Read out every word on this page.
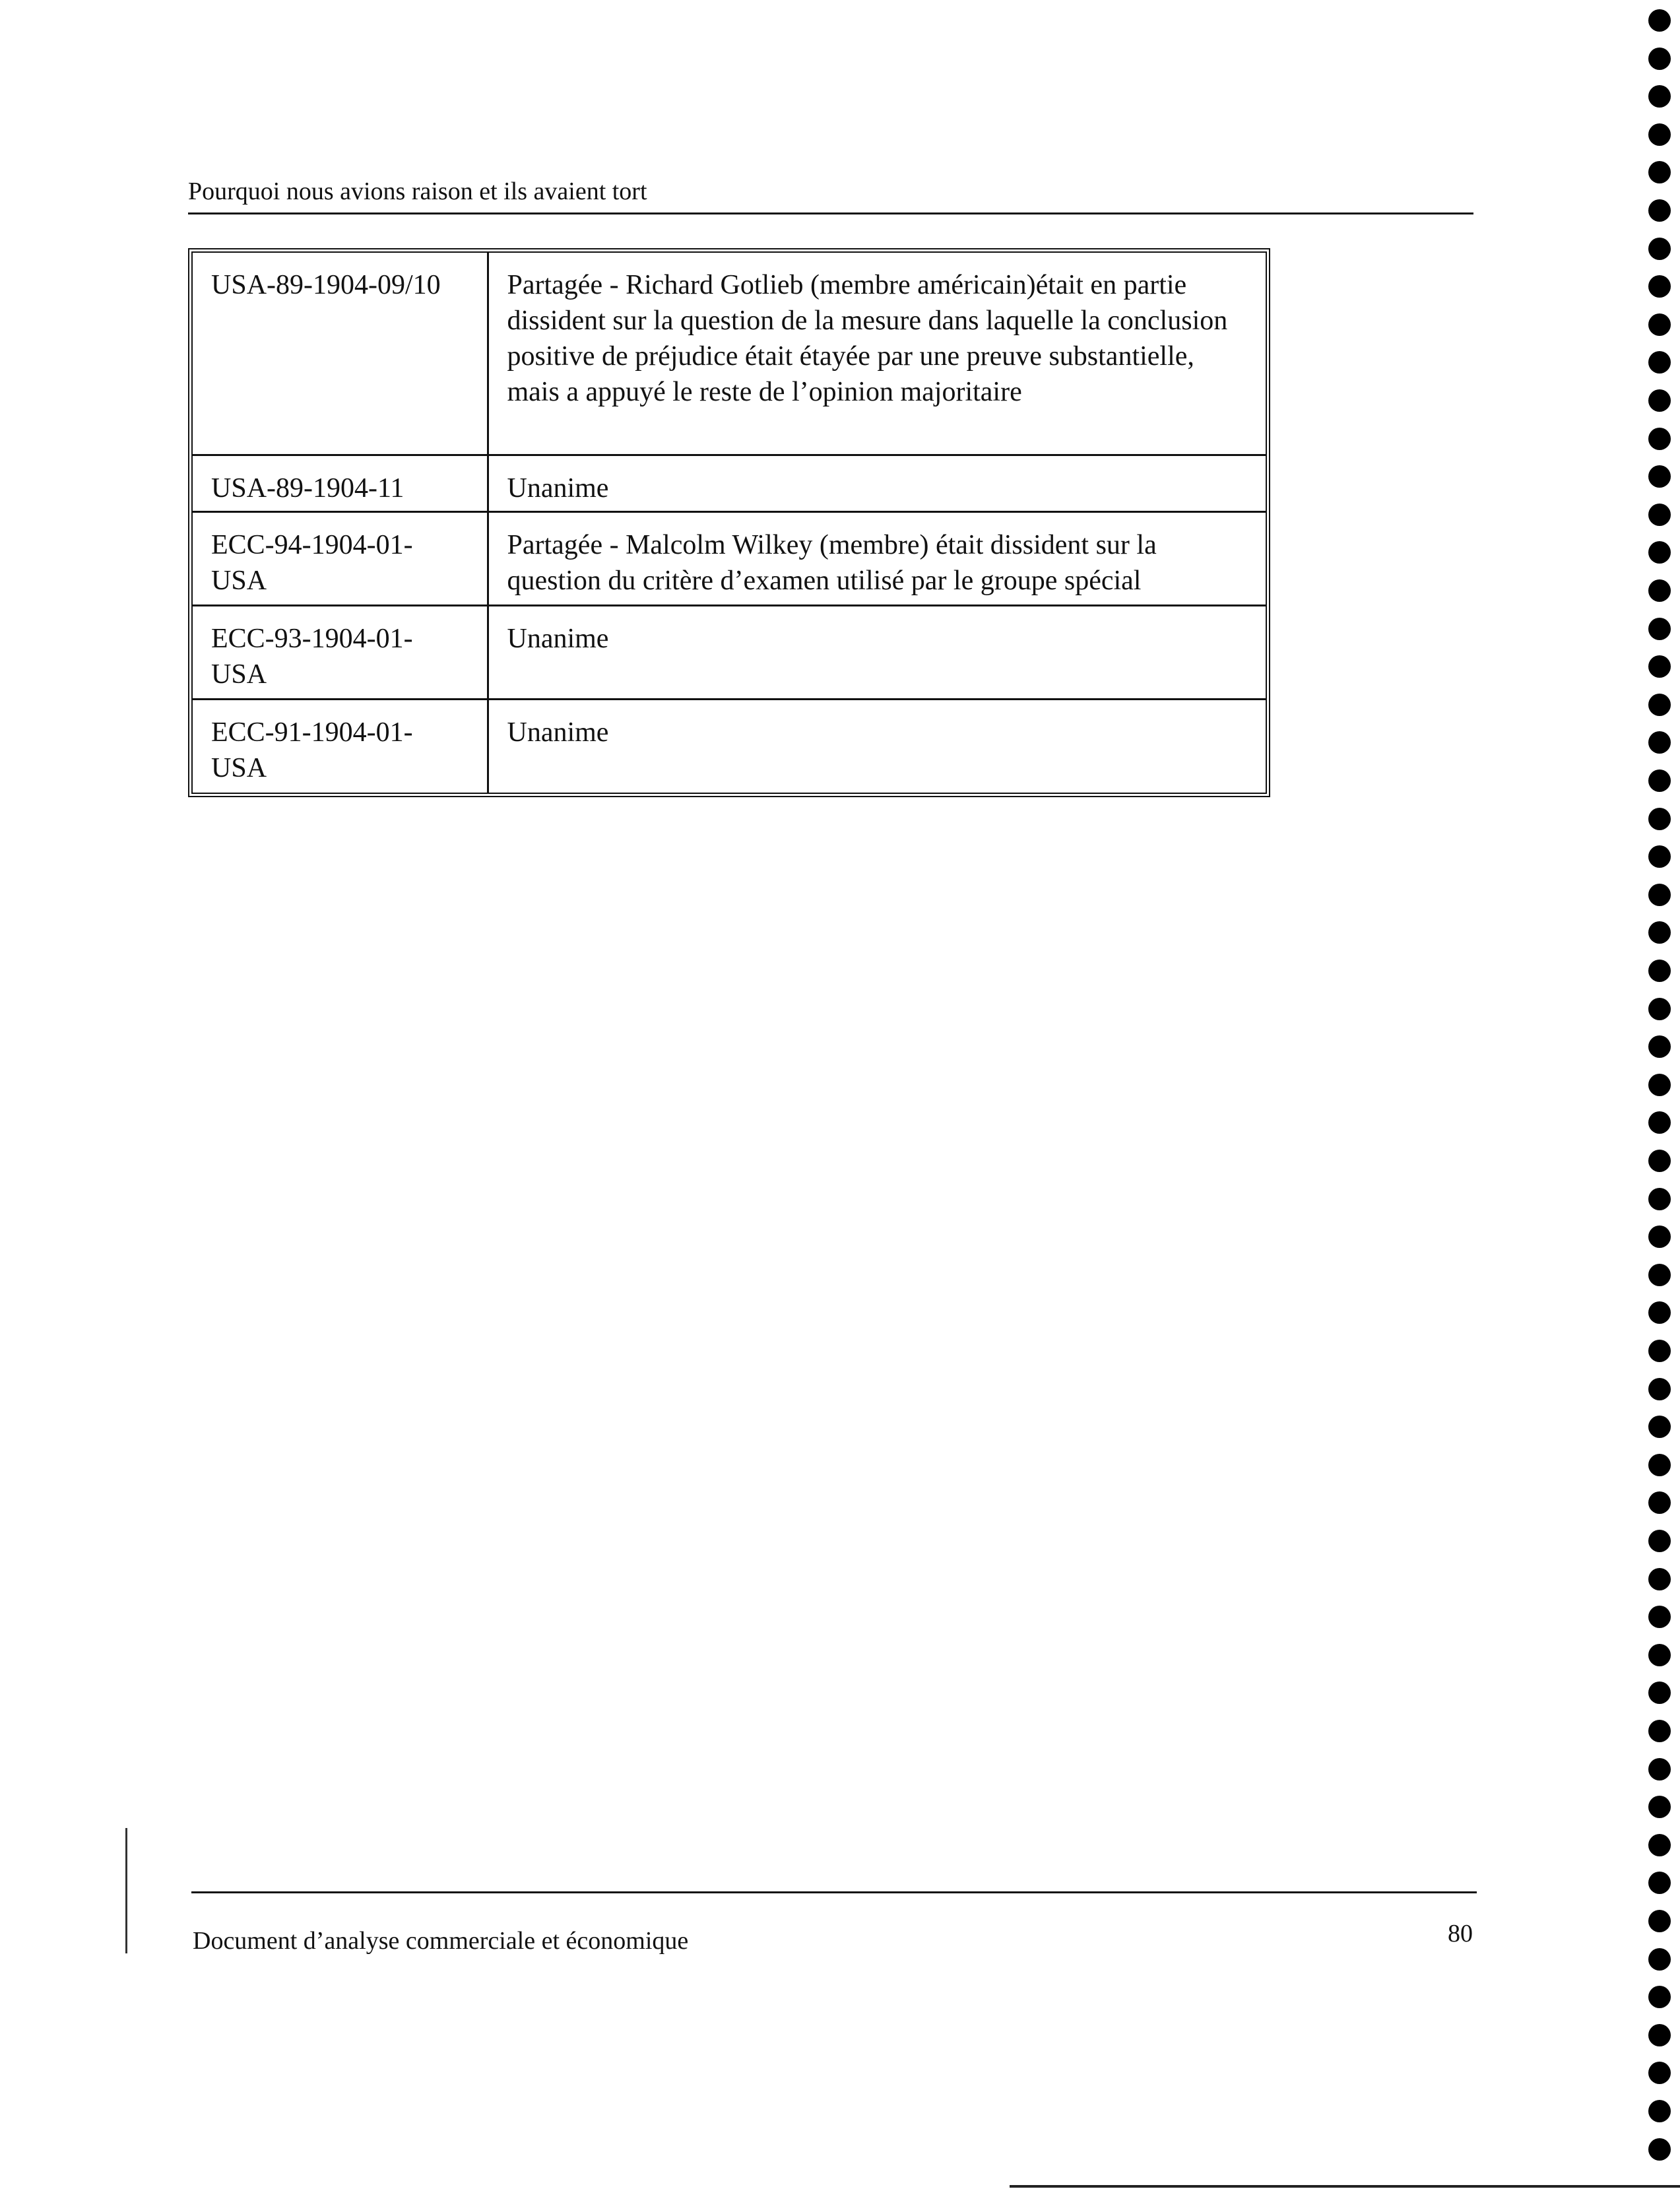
Pourquoi nous avions raison et ils avaient tort
USA-89-1904-09/10	Partagée - Richard Gotlieb (membre américain)était en partie dissident sur la question de la mesure dans laquelle la conclusion positive de préjudice était étayée par une preuve substantielle, mais a appuyé le reste de l’opinion majoritaire
USA-89-1904-11	Unanime
ECC-94-1904-01-USA	Partagée - Malcolm Wilkey (membre) était dissident sur la question du critère d’examen utilisé par le groupe spécial
ECC-93-1904-01-USA	Unanime
ECC-91-1904-01-USA	Unanime
Document d’analyse commerciale et économique	80
